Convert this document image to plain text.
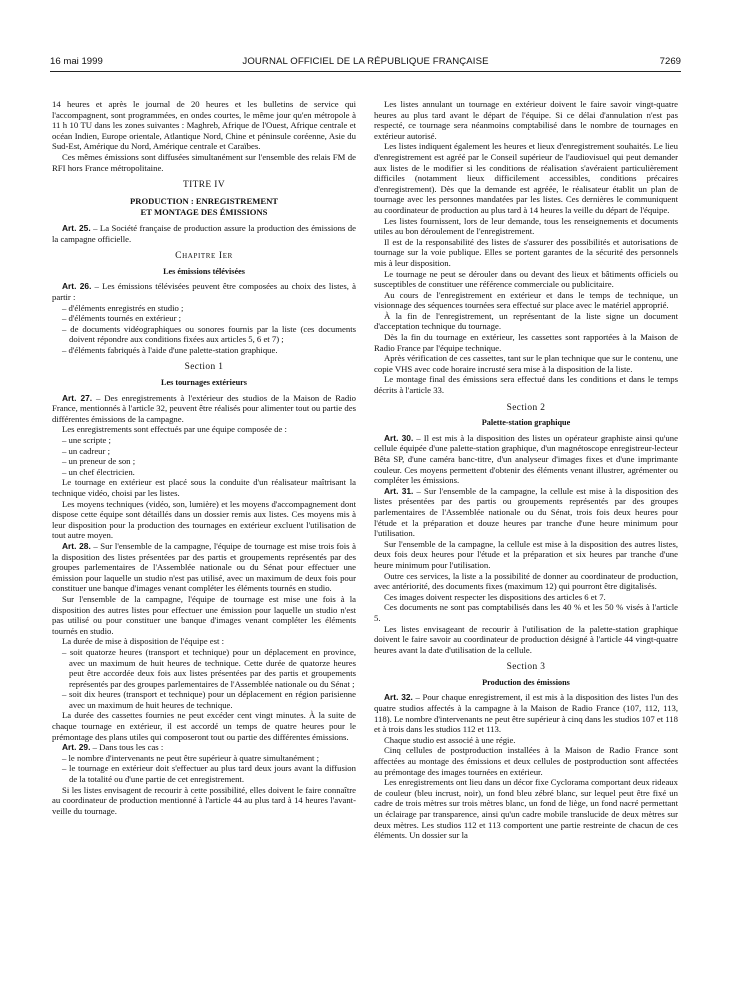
16 mai 1999	JOURNAL OFFICIEL DE LA RÉPUBLIQUE FRANÇAISE	7269

14 heures et après le journal de 20 heures et les bulletins de service qui l'accompagnent, sont programmées, en ondes courtes, le même jour qu'en métropole à 11 h 10 TU dans les zones suivantes : Maghreb, Afrique de l'Ouest, Afrique centrale et océan Indien, Europe orientale, Atlantique Nord, Chine et péninsule coréenne, Asie du Sud-Est, Amérique du Nord, Amérique centrale et Caraïbes.

Ces mêmes émissions sont diffusées simultanément sur l'ensemble des relais FM de RFI hors France métropolitaine.

TITRE IV
PRODUCTION : ENREGISTREMENT
ET MONTAGE DES ÉMISSIONS

Art. 25. – La Société française de production assure la production des émissions de la campagne officielle.

Chapitre Ier
Les émissions télévisées

Art. 26. – Les émissions télévisées peuvent être composées au choix des listes, à partir :

– d'éléments enregistrés en studio ;

– d'éléments tournés en extérieur ;

– de documents vidéographiques ou sonores fournis par la liste (ces documents doivent répondre aux conditions fixées aux articles 5, 6 et 7) ;

– d'éléments fabriqués à l'aide d'une palette-station graphique.

Section 1
Les tournages extérieurs

Art. 27. – Des enregistrements à l'extérieur des studios de la Maison de Radio France, mentionnés à l'article 32, peuvent être réalisés pour alimenter tout ou partie des différentes émissions de la campagne.

Les enregistrements sont effectués par une équipe composée de :

– une scripte ;

– un cadreur ;

– un preneur de son ;

– un chef électricien.

Le tournage en extérieur est placé sous la conduite d'un réalisateur maîtrisant la technique vidéo, choisi par les listes.

Les moyens techniques (vidéo, son, lumière) et les moyens d'accompagnement dont dispose cette équipe sont détaillés dans un dossier remis aux listes. Ces moyens mis à leur disposition pour la production des tournages en extérieur excluent l'utilisation de tout autre moyen.

Art. 28. – Sur l'ensemble de la campagne, l'équipe de tournage est mise trois fois à la disposition des listes présentées par des partis et groupements représentés par des groupes parlementaires de l'Assemblée nationale ou du Sénat pour effectuer une émission pour laquelle un studio n'est pas utilisé, avec un maximum de deux fois pour constituer une banque d'images venant compléter les éléments tournés en studio.

Sur l'ensemble de la campagne, l'équipe de tournage est mise une fois à la disposition des autres listes pour effectuer une émission pour laquelle un studio n'est pas utilisé ou pour constituer une banque d'images venant compléter les éléments tournés en studio.

La durée de mise à disposition de l'équipe est :

– soit quatorze heures (transport et technique) pour un déplacement en province, avec un maximum de huit heures de technique. Cette durée de quatorze heures peut être accordée deux fois aux listes présentées par des partis et groupements représentés par des groupes parlementaires de l'Assemblée nationale ou du Sénat ;

– soit dix heures (transport et technique) pour un déplacement en région parisienne avec un maximum de huit heures de technique.

La durée des cassettes fournies ne peut excéder cent vingt minutes. À la suite de chaque tournage en extérieur, il est accordé un temps de quatre heures pour le prémontage des plans utiles qui composeront tout ou partie des différentes émissions.

Art. 29. – Dans tous les cas :

– le nombre d'intervenants ne peut être supérieur à quatre simultanément ;

– le tournage en extérieur doit s'effectuer au plus tard deux jours avant la diffusion de la totalité ou d'une partie de cet enregistrement.

Si les listes envisagent de recourir à cette possibilité, elles doivent le faire connaître au coordinateur de production mentionné à l'article 44 au plus tard à 14 heures l'avant-veille du tournage.

Les listes annulant un tournage en extérieur doivent le faire savoir vingt-quatre heures au plus tard avant le départ de l'équipe. Si ce délai d'annulation n'est pas respecté, ce tournage sera néanmoins comptabilisé dans le nombre de tournages en extérieur autorisé.

Les listes indiquent également les heures et lieux d'enregistrement souhaités. Le lieu d'enregistrement est agréé par le Conseil supérieur de l'audiovisuel qui peut demander aux listes de le modifier si les conditions de réalisation s'avéraient particulièrement difficiles (notamment lieux difficilement accessibles, conditions précaires d'enregistrement). Dès que la demande est agréée, le réalisateur établit un plan de tournage avec les personnes mandatées par les listes. Ces dernières le communiquent au coordinateur de production au plus tard à 14 heures la veille du départ de l'équipe.

Les listes fournissent, lors de leur demande, tous les renseignements et documents utiles au bon déroulement de l'enregistrement.

Il est de la responsabilité des listes de s'assurer des possibilités et autorisations de tournage sur la voie publique. Elles se portent garantes de la sécurité des personnels mis à leur disposition.

Le tournage ne peut se dérouler dans ou devant des lieux et bâtiments officiels ou susceptibles de constituer une référence commerciale ou publicitaire.

Au cours de l'enregistrement en extérieur et dans le temps de technique, un visionnage des séquences tournées sera effectué sur place avec le matériel approprié.

À la fin de l'enregistrement, un représentant de la liste signe un document d'acceptation technique du tournage.

Dès la fin du tournage en extérieur, les cassettes sont rapportées à la Maison de Radio France par l'équipe technique.

Après vérification de ces cassettes, tant sur le plan technique que sur le contenu, une copie VHS avec code horaire incrusté sera mise à la disposition de la liste.

Le montage final des émissions sera effectué dans les conditions et dans le temps décrits à l'article 33.

Section 2
Palette-station graphique

Art. 30. – Il est mis à la disposition des listes un opérateur graphiste ainsi qu'une cellule équipée d'une palette-station graphique, d'un magnétoscope enregistreur-lecteur Bêta SP, d'une caméra banc-titre, d'un analyseur d'images fixes et d'une imprimante couleur. Ces moyens permettent d'obtenir des éléments venant illustrer, agrémenter ou compléter les émissions.

Art. 31. – Sur l'ensemble de la campagne, la cellule est mise à la disposition des listes présentées par des partis ou groupements représentés par des groupes parlementaires de l'Assemblée nationale ou du Sénat, trois fois deux heures pour l'étude et la préparation et douze heures par tranche d'une heure minimum pour l'utilisation.

Sur l'ensemble de la campagne, la cellule est mise à la disposition des autres listes, deux fois deux heures pour l'étude et la préparation et six heures par tranche d'une heure minimum pour l'utilisation.

Outre ces services, la liste a la possibilité de donner au coordinateur de production, avec antériorité, des documents fixes (maximum 12) qui pourront être digitalisés.

Ces images doivent respecter les dispositions des articles 6 et 7.

Ces documents ne sont pas comptabilisés dans les 40 % et les 50 % visés à l'article 5.

Les listes envisageant de recourir à l'utilisation de la palette-station graphique doivent le faire savoir au coordinateur de production désigné à l'article 44 vingt-quatre heures avant la date d'utilisation de la cellule.

Section 3
Production des émissions

Art. 32. – Pour chaque enregistrement, il est mis à la disposition des listes l'un des quatre studios affectés à la campagne à la Maison de Radio France (107, 112, 113, 118). Le nombre d'intervenants ne peut être supérieur à cinq dans les studios 107 et 118 et à trois dans les studios 112 et 113.

Chaque studio est associé à une régie.

Cinq cellules de postproduction installées à la Maison de Radio France sont affectées au montage des émissions et deux cellules de postproduction sont affectées au prémontage des images tournées en extérieur.

Les enregistrements ont lieu dans un décor fixe Cyclorama comportant deux rideaux de couleur (bleu incrust, noir), un fond bleu zébré blanc, sur lequel peut être fixé un cadre de trois mètres sur trois mètres blanc, un fond de liège, un fond nacré permettant un éclairage par transparence, ainsi qu'un cadre mobile translucide de deux mètres sur deux mètres. Les studios 112 et 113 comportent une partie restreinte de chacun de ces éléments. Un dossier sur la
